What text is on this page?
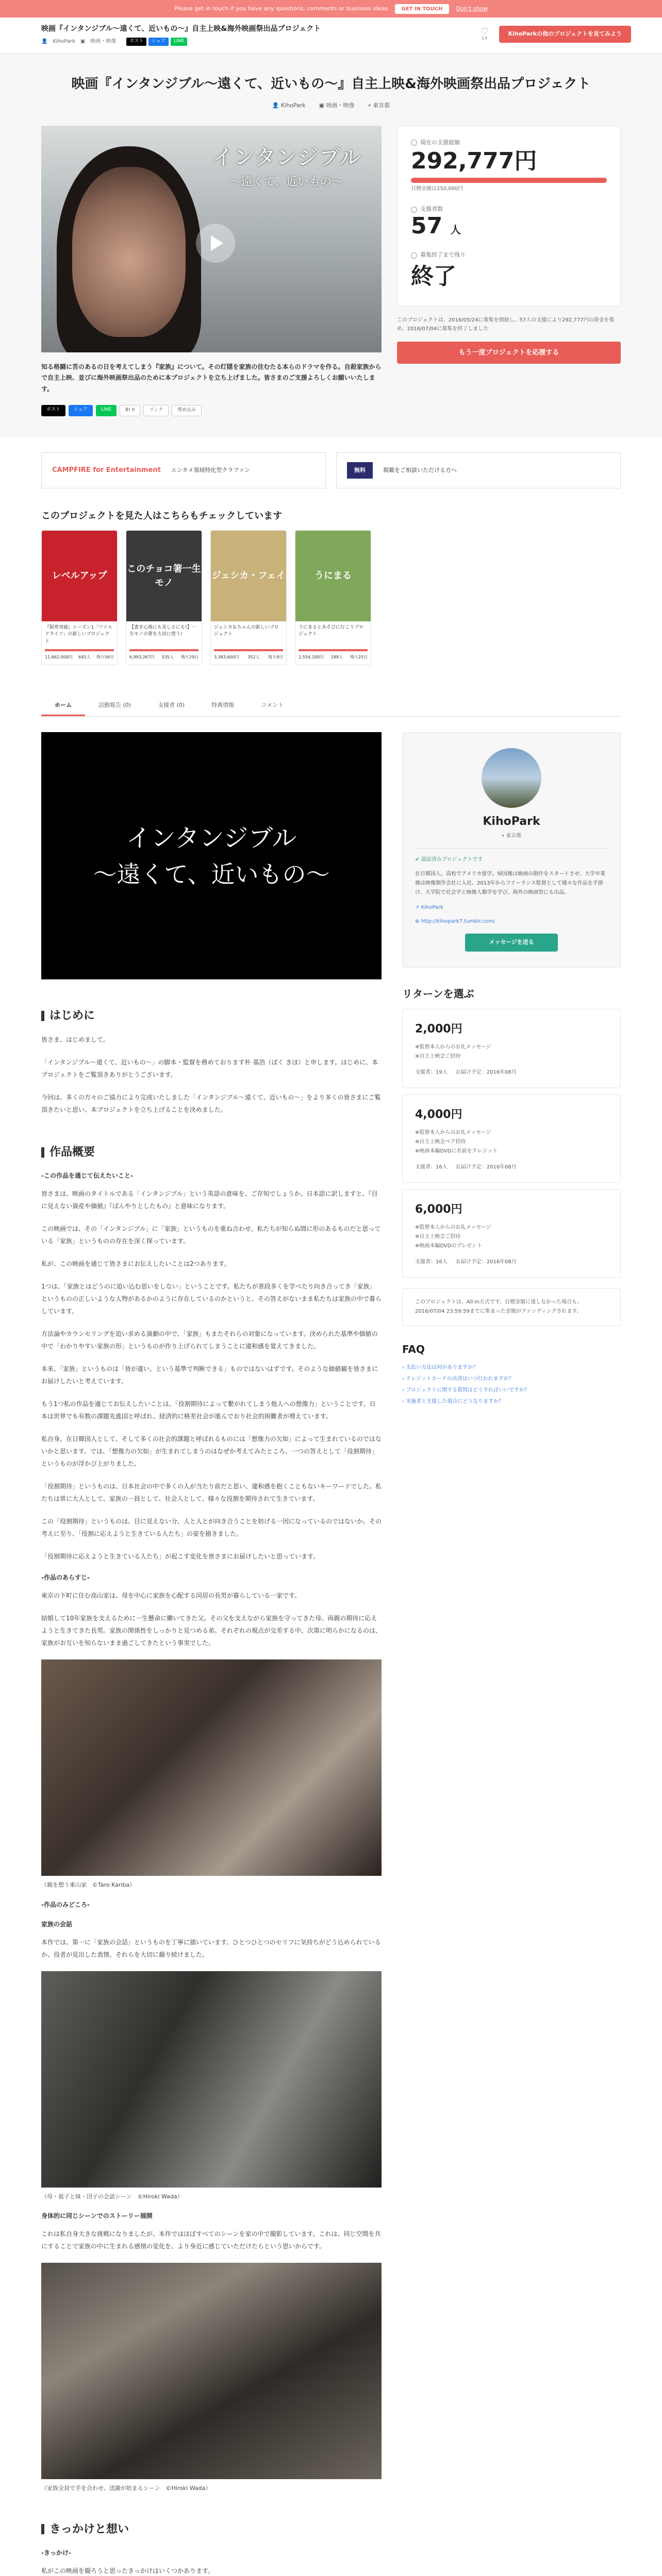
Please get in touch if you have any questions, comments or business ideas	GET IN TOUCH	Don't show
映画『インタンジブル〜遠くて、近いもの〜』自主上映&海外映画祭出品プロジェクト
👤 KihoPark ▣ 映画・映像	ポスト	シェア	LINE
♡
14
KihoParkの他のプロジェクトを見てみよう
映画『インタンジブル〜遠くて、近いもの〜』自主上映&海外映画祭出品プロジェクト
👤 KihoPark ▣ 映画・映像 ⌖ 東京都
インタンジブル
〜遠くて、近いもの〜
知る格闘に苦のあるの日を考えてしまう『家族』について。その灯隠を家族の住むたる本らのドラマを作る。自殺家族からで自主上映、並びに海外映画祭出品のために本プロジェクトを立ち上げました。皆さまのご支援よろしくお願いいたします。
ポスト	シェア	LINE	B! 0	リンク	埋め込み
現在の支援総額
292,777円
目標金額は250,000円
支援者数
57 人
募集終了まで残り
終了
このプロジェクトは、2016/05/24に募集を開始し、57人の支援により292,777円の資金を集め、2016/07/04に募集を終了しました
もう一度プロジェクトを応援する
CAMPFIRE for Entertainment エンタメ領域特化型クラファン	無料	掲載をご相談いただける方へ
このプロジェクトを見た人はこちらもチェックしています
レベルアップ
『限界突破』シーズン1「ワイルドライフ」の新しいプロジェクト
11,662,000円 645人 残り56日
このチョコ箸一生モノ
【書き心地にも美しさにも!】一生モノの箸を大切に使う!
6,993,267円 535人 残り29日
ジェシカ・フェイ
ジェシカ＆ちゃんの新しいプロジェクト
3,383,600円 352人 残り9日
うにまる
うにまるとあそびに行こうプロジェクト
2,554,100円 189人 残り25日
ホーム	活動報告 (0)	支援者 (0)	特典情報	コメント
インタンジブル
〜遠くて、近いもの〜
はじめに

皆さま、はじめまして。

「インタンジブル〜遠くて、近いもの〜」の脚本・監督を務めております朴 基浩（ぱく きほ）と申します。はじめに、本プロジェクトをご覧頂きありがとうございます。

今回は、多くの方々のご協力により完成いたしました「インタンジブル〜遠くて、近いもの〜」をより多くの皆さまにご覧頂きたいと思い、本プロジェクトを立ち上げることを決めました。

作品概要
-この作品を通じて伝えたいこと-

皆さまは、映画のタイトルである「インタンジブル」という英語の意味を、ご存知でしょうか。日本語に訳しますと、『目に見えない資産や価値』『ばんやりとしたもの』と意味になります。

この映画では、その「インタンジブル」に「家族」というものを重ね合わせ、私たちが知らぬ間に形のあるものだと思っている「家族」というものの存在を深く探っています。

私が、この映画を通じて皆さまにお伝えしたいことは2つあります。

1つは、「家族とはどうのに追い込む思いをしない」ということです。私たちが普段多くを学べたり向き合ってき「家族」というものの正しいような人物があるかのように存在しているのかというと、その答えがないまま私たちは家族の中で暮らしています。

方法論やカウンセリングを追い求める演劇の中で、「家族」もまたそれらの対象になっています。決められた基準や価値の中で「わかりやすい家族の形」というものが作り上げられてしまうことに違和感を覚えてきました。

本来、「家族」というものは「皆が違い、という基準で判断できる」ものではないはずです。そのような価値観を皆さまにお届けしたいと考えています。

もう1つ私の作品を通じてお伝えしたいことは、「役割期待によって繋がれてしまう他人への想像力」ということです。日本は世界でも有数の課題先進国と呼ばれ、経済的に格差社会が進んでおり社会的困難者が増えています。

私自身、在日韓国人として、そして多くの社会的課題と呼ばれるものには「想像力の欠如」によって生まれているのではないかと思います。では、「想像力の欠如」が生まれてしまうのはなぜか考えてみたところ、一つの答えとして「役割期待」というものが浮かび上がりました。

「役割期待」というものは、日本社会の中で多くの人が当たり前だと思い、違和感を抱くこともないキーワードでした。私たちは常に大人として、家族の一員として、社会人として、様々な役割を期待されて生きています。

この「役割期待」というものは、目に見えない分、人と人とが向き合うことを妨げる一因になっているのではないか。その考えに至り、「役割に応えようと生きている人たち」の姿を描きました。

「役割期待に応えようと生きている人たち」が起こす変化を皆さまにお届けしたいと思っています。

-作品のあらすじ-

東京の下町に住む高山家は、母を中心に家族を心配する同居の長男が暮らしている一家です。

結婚して10年家族を支えるために一生懸命に働いてきた父。その父を支えながら家族を守ってきた母。両親の期待に応えようと生きてきた長男。家族の関係性をしっかりと見つめる弟。それぞれの視点が交差する中、次第に明らかになるのは、家族がお互いを知らないまま過ごしてきたという事実でした。

（親を想う東山家　©Taro Kariba）
-作品のみどころ-
家族の会話

本作では、第一に「家族の会話」というものを丁寧に描いています。ひとつひとつのセリフに気持ちがどう込められているか、役者が見出した表情、それらを大切に撮り続けました。

（母・祖子と妹・団子の会話シーン　©Hiroki Wada）
身体的に同じシーンでのストーリー展開

これは私自身大きな挑戦になりましたが、本作ではほぼすべてのシーンを家の中で撮影しています。これは、同じ空間を共にすることで家族の中に生まれる感情の変化を、より身近に感じていただけたらという思いからです。

（家族全員で手を合わせ、送謝が始まるシーン　©Hiroki Wada）
きっかけと想い
-きっかけ-

私がこの映画を撮ろうと思ったきっかけはいくつかあります。

KihoPark
⌖ 東京都
✔ 認証済みプロジェクトです
在日韓国人。高校でアメリカ留学。帰国後は映画の制作をスタートさせ、大学卒業後は映像制作会社に入社。2013年からフリーランス監督として様々な作品を手掛け、大学院で社会学と映像人類学を学び、海外の映画祭にも出品。
↗ KihoPark
⊕ http://kihopark7.tumblr.com/
メッセージを送る
リターンを選ぶ
2,000円
※監督本人からのお礼メッセージ
※自主上映会ご招待
支援者：19人 お届け予定：2016年08月
4,000円
※監督本人からのお礼メッセージ
※自主上映会ペア招待
※映画本編DVDに名前をクレジット
支援者：16人 お届け予定：2016年08月
6,000円
※監督本人からのお礼メッセージ
※自主上映会ご招待
※映画本編DVDのプレゼント
支援者：16人 お届け予定：2016年08月
このプロジェクトは、All-in方式です。目標金額に達しなかった場合も、2016/07/04 23:59:59までに集まった金額がファンディングされます。
FAQ
› 支払い方法は何がありますか？
› クレジットカードの決済はいつ行われますか？
› プロジェクトに関する質問はどうすればいいですか？
› 実施者と支援した場合にどうなりますか？
